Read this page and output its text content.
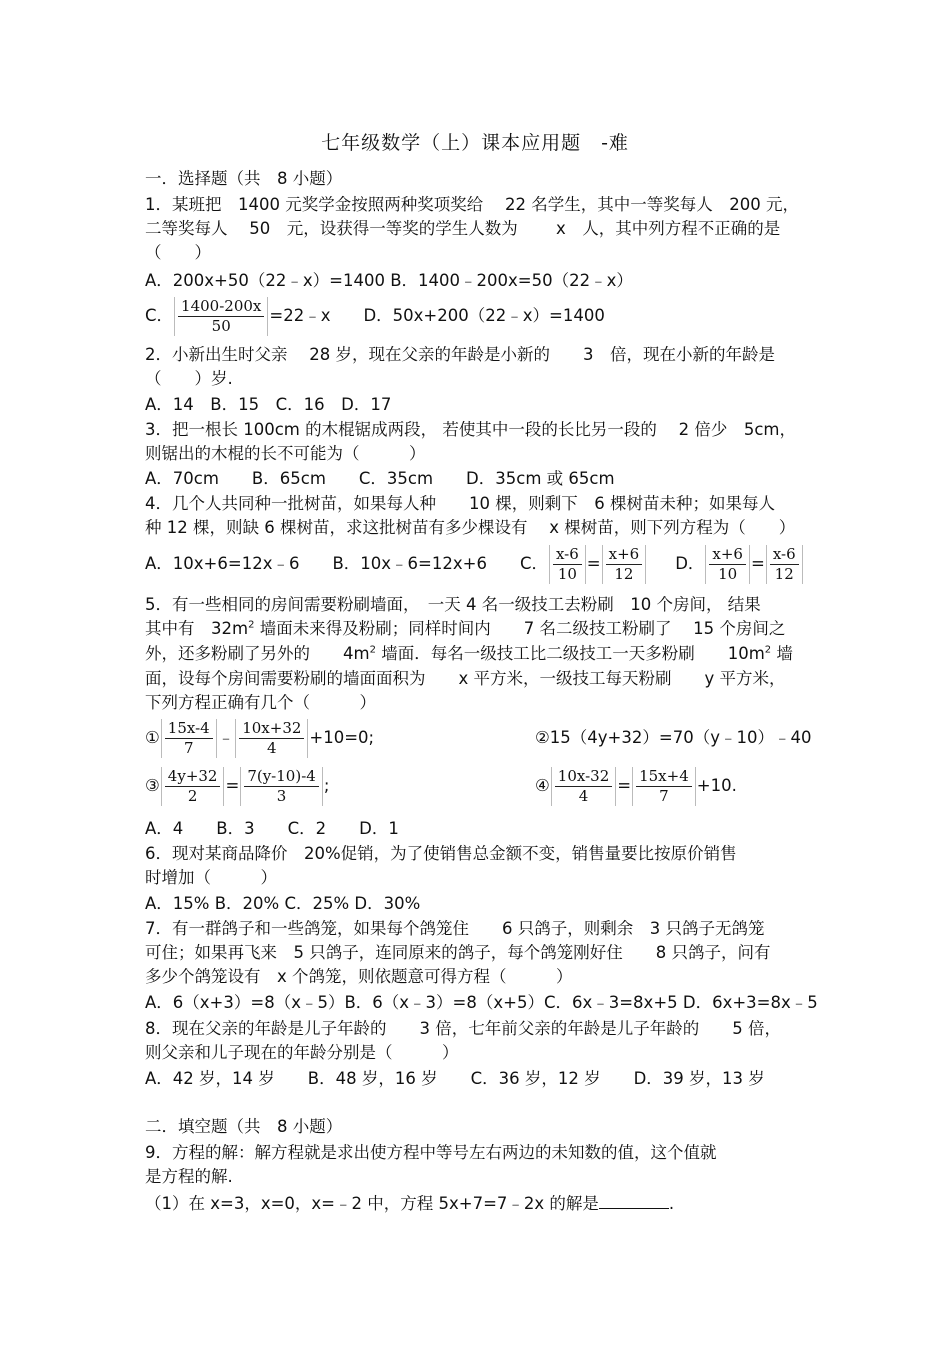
七年级数学（上）课本应用题　-难
一．选择题（共　8 小题）
1．某班把　1400 元奖学金按照两种奖项奖给　 22 名学生，其中一等奖每人　200 元，
二等奖每人　 50　元，设获得一等奖的学生人数为　　 x　人，其中列方程不正确的是
（　　）
A．200x+50（22﹣x）=1400 B．1400﹣200x=50（22﹣x）
C． $\frac{1400-200x}{50}$ =22﹣x　　D．50x+200（22﹣x）=1400
2．小新出生时父亲　 28 岁，现在父亲的年龄是小新的　　3　倍，现在小新的年龄是
（　　）岁.
A．14　B．15　C．16　D．17
3．把一根长 100cm 的木棍锯成两段， 若使其中一段的长比另一段的　 2 倍少　5cm，
则锯出的木棍的长不可能为（　　　）
A．70cm　　B．65cm　　C．35cm　　D．35cm 或 65cm
4．几个人共同种一批树苗，如果每人种　　10 棵，则剩下　6 棵树苗未种；如果每人
种 12 棵，则缺 6 棵树苗，求这批树苗有多少棵设有　 x 棵树苗，则下列方程为（　　）
A．10x+6=12x﹣6　　B．10x﹣6=12x+6　　C． $\frac{x-6}{10} = \frac{x+6}{12}$ D． $\frac{x+6}{10} = \frac{x-6}{12}$
5．有一些相同的房间需要粉刷墙面，　一天 4 名一级技工去粉刷　10 个房间， 结果
其中有　$32m^2$ 墙面未来得及粉刷；同样时间内　　7 名二级技工粉刷了　 15 个房间之
外，还多粉刷了另外的　　$4m^2$ 墙面．每名一级技工比二级技工一天多粉刷　　$10m^2$ 墙
面，设每个房间需要粉刷的墙面面积为　　x 平方米，一级技工每天粉刷　　y 平方米，
下列方程正确有几个（　　　）
① $\frac{15x-4}{7}$ ﹣ $\frac{10x+32}{4} +10=0$;	②15（4y+32）=70（y﹣10）﹣40
③ $\frac{4y+32}{2} = \frac{7(y-10)-4}{3}$ ;	④ $\frac{10x-32}{4} = \frac{15x+4}{7} +10$.
A．4　　B．3　　C．2　　D．1
6．现对某商品降价　20%促销，为了使销售总金额不变，销售量要比按原价销售
时增加（　　　）
A．15% B．20% C．25% D．30%
7．有一群鸽子和一些鸽笼，如果每个鸽笼住　　6 只鸽子，则剩余　3 只鸽子无鸽笼
可住；如果再飞来　5 只鸽子，连同原来的鸽子，每个鸽笼刚好住　　8 只鸽子，问有
多少个鸽笼设有　x 个鸽笼，则依题意可得方程（　　　）
A．6（x+3）=8（x﹣5）B．6（x﹣3）=8（x+5）C．6x﹣3=8x+5 D．6x+3=8x﹣5
8．现在父亲的年龄是儿子年龄的　　3 倍，七年前父亲的年龄是儿子年龄的　　5 倍，
则父亲和儿子现在的年龄分别是（　　　）
A．42 岁，14 岁　　B．48 岁，16 岁　　C．36 岁，12 岁　　D．39 岁，13 岁
二．填空题（共　8 小题）
9．方程的解：解方程就是求出使方程中等号左右两边的未知数的值，这个值就
是方程的解.
（1）在 x=3，x=0，x=﹣2 中，方程 5x+7=7﹣2x 的解是	.
